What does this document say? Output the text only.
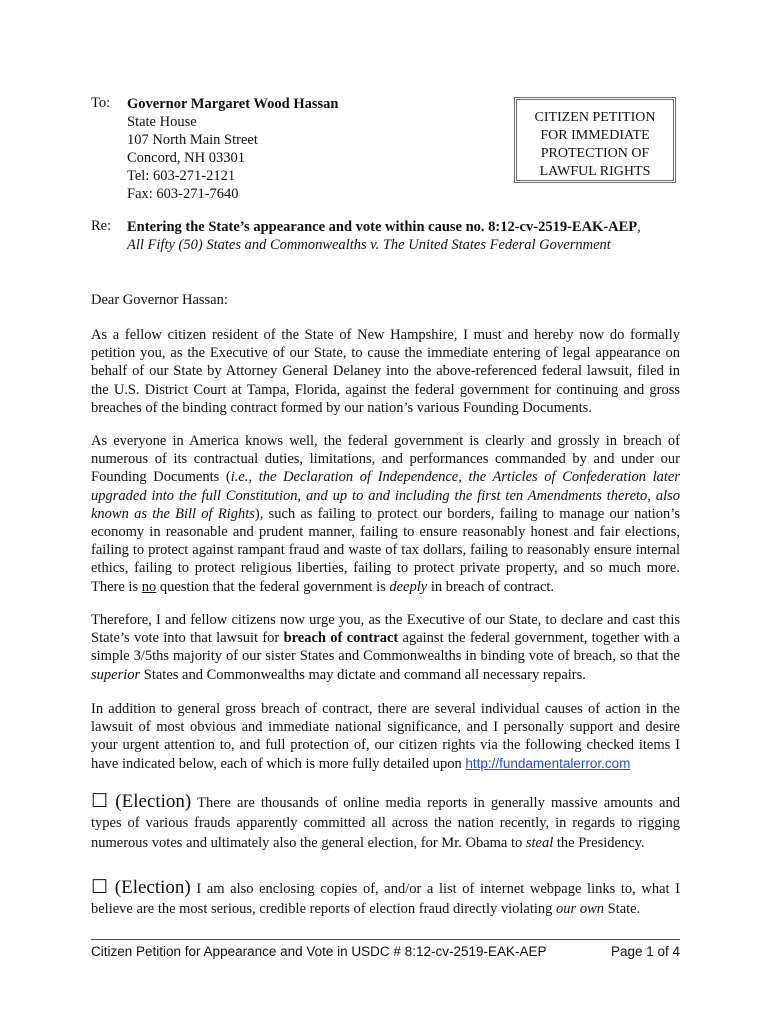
To: Governor Margaret Wood Hassan
State House
107 North Main Street
Concord, NH 03301
Tel: 603-271-2121
Fax: 603-271-7640
CITIZEN PETITION
FOR IMMEDIATE
PROTECTION OF
LAWFUL RIGHTS
Re: Entering the State’s appearance and vote within cause no. 8:12-cv-2519-EAK-AEP,
All Fifty (50) States and Commonwealths v. The United States Federal Government
Dear Governor Hassan:

As a fellow citizen resident of the State of New Hampshire, I must and hereby now do formally petition you, as the Executive of our State, to cause the immediate entering of legal appearance on behalf of our State by Attorney General Delaney into the above-referenced federal lawsuit, filed in the U.S. District Court at Tampa, Florida, against the federal government for continuing and gross breaches of the binding contract formed by our nation’s various Founding Documents.

As everyone in America knows well, the federal government is clearly and grossly in breach of numerous of its contractual duties, limitations, and performances commanded by and under our Founding Documents (i.e., the Declaration of Independence, the Articles of Confederation later upgraded into the full Constitution, and up to and including the first ten Amendments thereto, also known as the Bill of Rights), such as failing to protect our borders, failing to manage our nation’s economy in reasonable and prudent manner, failing to ensure reasonably honest and fair elections, failing to protect against rampant fraud and waste of tax dollars, failing to reasonably ensure internal ethics, failing to protect religious liberties, failing to protect private property, and so much more. There is no question that the federal government is deeply in breach of contract.

Therefore, I and fellow citizens now urge you, as the Executive of our State, to declare and cast this State’s vote into that lawsuit for breach of contract against the federal government, together with a simple 3/5ths majority of our sister States and Commonwealths in binding vote of breach, so that the superior States and Commonwealths may dictate and command all necessary repairs.

In addition to general gross breach of contract, there are several individual causes of action in the lawsuit of most obvious and immediate national significance, and I personally support and desire your urgent attention to, and full protection of, our citizen rights via the following checked items I have indicated below, each of which is more fully detailed upon http://fundamentalerror.com

☐ (Election) There are thousands of online media reports in generally massive amounts and types of various frauds apparently committed all across the nation recently, in regards to rigging numerous votes and ultimately also the general election, for Mr. Obama to steal the Presidency.

☐ (Election) I am also enclosing copies of, and/or a list of internet webpage links to, what I believe are the most serious, credible reports of election fraud directly violating our own State.

Citizen Petition for Appearance and Vote in USDC # 8:12-cv-2519-EAK-AEP	Page 1 of 4
